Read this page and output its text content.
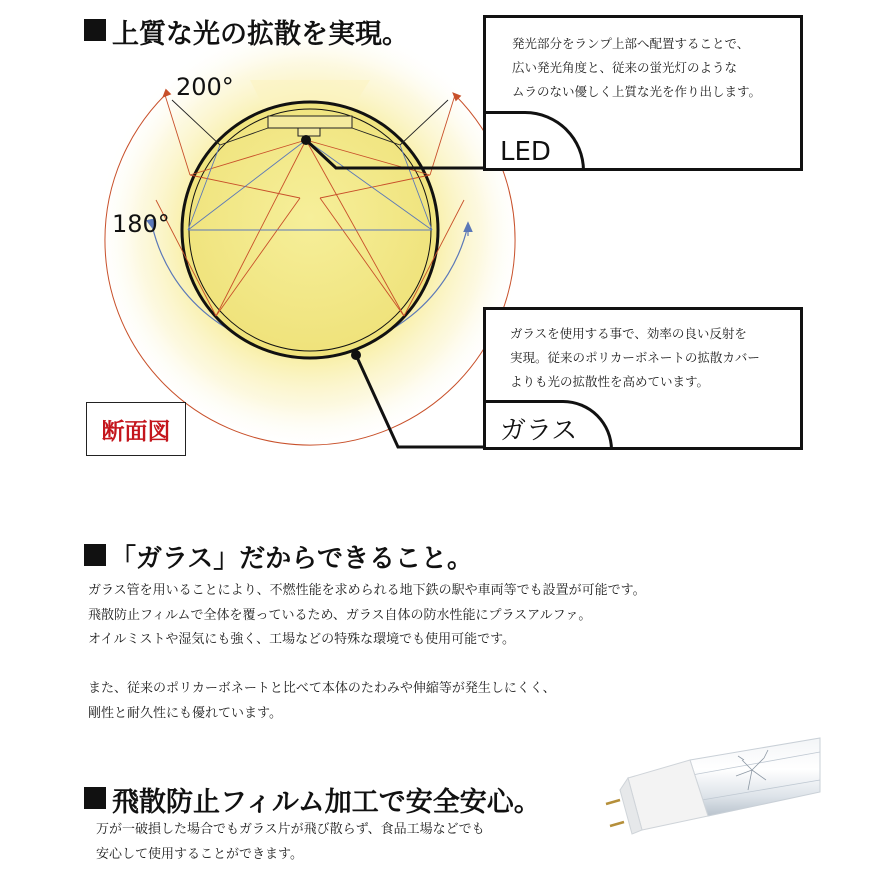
200°
180°
断面図
発光部分をランプ上部へ配置することで、
広い発光角度と、従来の蛍光灯のような
ムラのない優しく上質な光を作り出します。
LED
ガラスを使用する事で、効率の良い反射を
実現。従来のポリカーボネートの拡散カバー
よりも光の拡散性を高めています。
ガラス
上質な光の拡散を実現。
「ガラス」だからできること。
ガラス管を用いることにより、不燃性能を求められる地下鉄の駅や車両等でも設置が可能です。
飛散防止フィルムで全体を覆っているため、ガラス自体の防水性能にプラスアルファ。
オイルミストや湿気にも強く、工場などの特殊な環境でも使用可能です。
また、従来のポリカーボネートと比べて本体のたわみや伸縮等が発生しにくく、
剛性と耐久性にも優れています。
飛散防止フィルム加工で安全安心。
万が一破損した場合でもガラス片が飛び散らず、食品工場などでも
安心して使用することができます。
